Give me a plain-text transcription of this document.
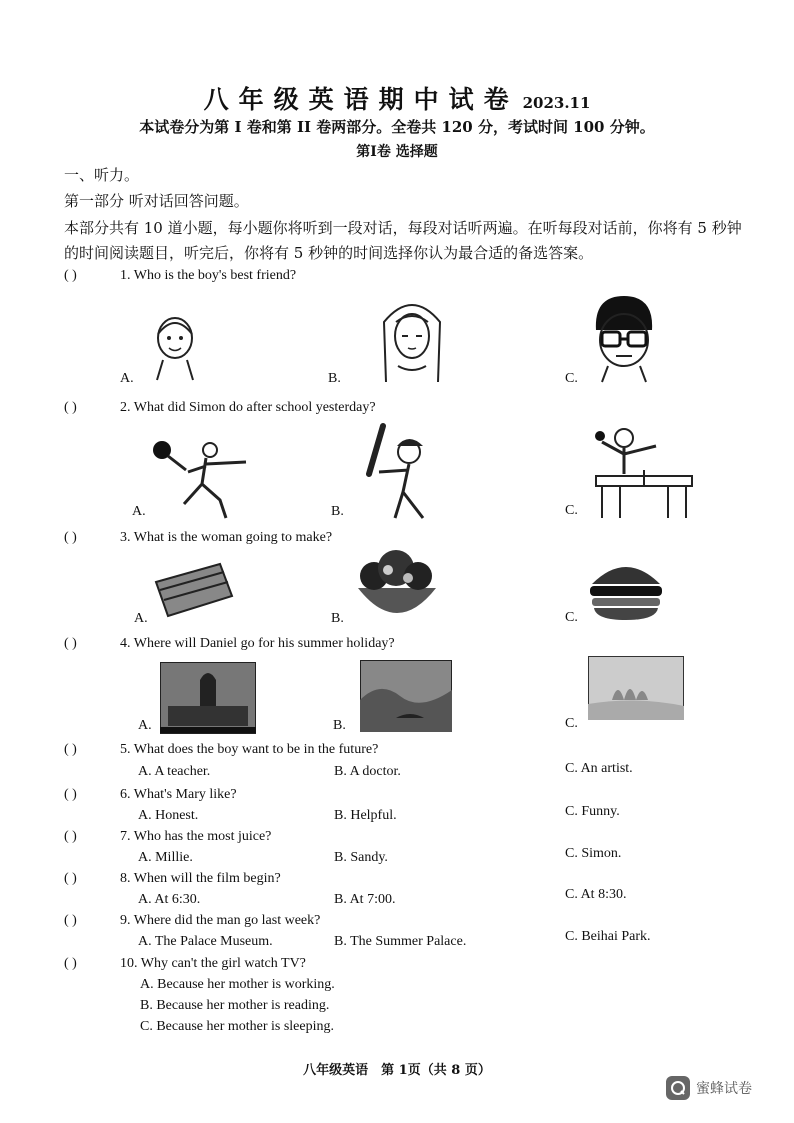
八年级英语期中试卷 2023.11
本试卷分为第 I 卷和第 II 卷两部分。全卷共 120 分，考试时间 100 分钟。
第I卷 选择题
一、听力。
第一部分 听对话回答问题。
本部分共有 10 道小题，每小题你将听到一段对话，每段对话听两遍。在听每段对话前，你将有 5 秒钟的时间阅读题目，听完后，你将有 5 秒钟的时间选择你认为最合适的备选答案。
( )	1. Who is the boy's best friend?
A.	B.	C.
( )	2. What did Simon do after school yesterday?
A.	B.	C.
( )	3. What is the woman going to make?
A.	B.	C.
( )	4. Where will Daniel go for his summer holiday?
A.	B.	C.
( )	5. What does the boy want to be in the future?
A. A teacher.	B. A doctor.	C. An artist.
( )	6. What's Mary like?
A. Honest.	B. Helpful.	C. Funny.
( )	7. Who has the most juice?
A. Millie.	B. Sandy.	C. Simon.
( )	8. When will the film begin?
A. At 6:30.	B. At 7:00.	C. At 8:30.
( )	9. Where did the man go last week?
A. The Palace Museum.	B. The Summer Palace.	C. Beihai Park.
( )	10. Why can't the girl watch TV?
A. Because her mother is working.
B. Because her mother is reading.
C. Because her mother is sleeping.
八年级英语　第 1页（共 8 页）
蜜蜂试卷
